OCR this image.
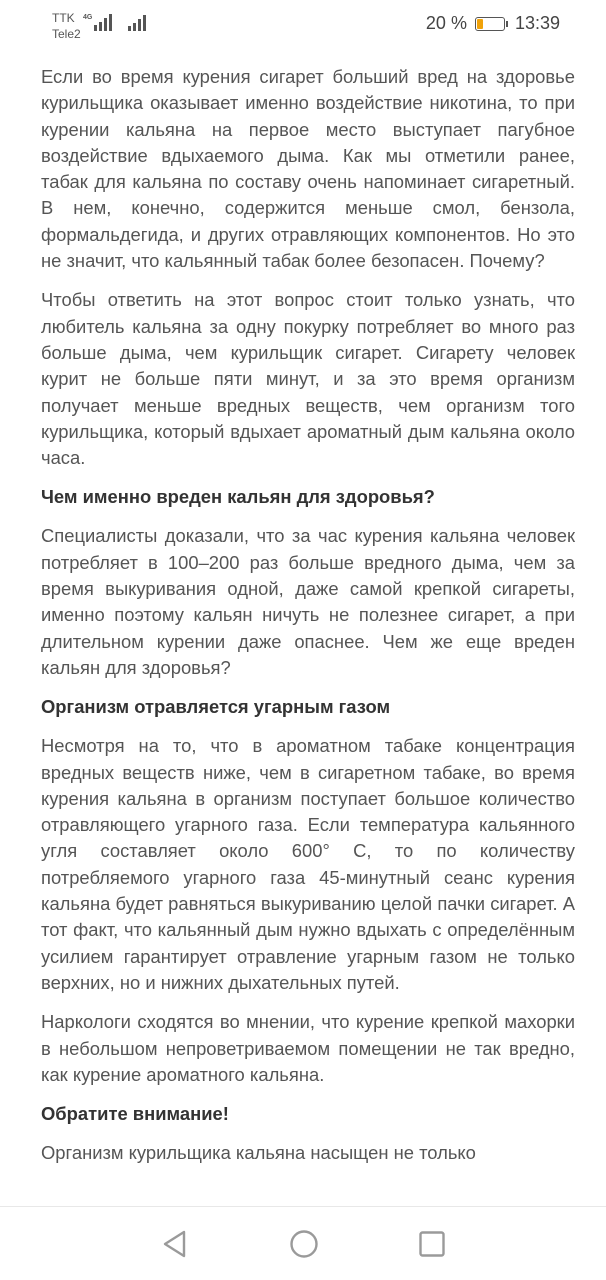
TTK
Tele2
4G	20 % ❧ 13:39

Если во время курения сигарет больший вред на здоровье курильщика оказывает именно воздействие никотина, то при курении кальяна на первое место выступает пагубное воздействие вдыхаемого дыма. Как мы отметили ранее, табак для кальяна по составу очень напоминает сигаретный. В нем, конечно, содержится меньше смол, бензола, формальдегида, и других отравляющих компонентов. Но это не значит, что кальянный табак более безопасен. Почему?

Чтобы ответить на этот вопрос стоит только узнать, что любитель кальяна за одну покурку потребляет во много раз больше дыма, чем курильщик сигарет. Сигарету человек курит не больше пяти минут, и за это время организм получает меньше вредных веществ, чем организм того курильщика, который вдыхает ароматный дым кальяна около часа.

Чем именно вреден кальян для здоровья?

Специалисты доказали, что за час курения кальяна человек потребляет в 100–200 раз больше вредного дыма, чем за время выкуривания одной, даже самой крепкой сигареты, именно поэтому кальян ничуть не полезнее сигарет, а при длительном курении даже опаснее. Чем же еще вреден кальян для здоровья?

Организм отравляется угарным газом

Несмотря на то, что в ароматном табаке концентрация вредных веществ ниже, чем в сигаретном табаке, во время курения кальяна в организм поступает большое количество отравляющего угарного газа. Если температура кальянного угля составляет около 600° С, то по количеству потребляемого угарного газа 45-минутный сеанс курения кальяна будет равняться выкуриванию целой пачки сигарет. А тот факт, что кальянный дым нужно вдыхать с определённым усилием гарантирует отравление угарным газом не только верхних, но и нижних дыхательных путей.

Наркологи сходятся во мнении, что курение крепкой махорки в небольшом непроветриваемом помещении не так вредно, как курение ароматного кальяна.

Обратите внимание!

Организм курильщика кальяна насыщен не только
